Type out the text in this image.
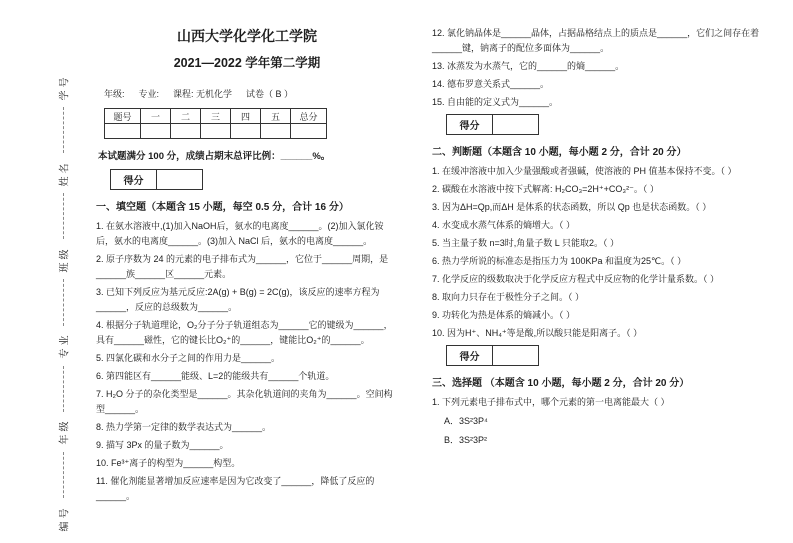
学号
姓名
班级
专业
年级
编号
山西大学化学化工学院
2021—2022 学年第二学期
年级: 专业: 课程: 无机化学 试卷（ B ）
题号	一	二	三	四	五	总分

本试题满分 100 分，成绩占期末总评比例：______%。
得分	
一、填空题（本题含 15 小题，每空 0.5 分，合计 16 分）
1. 在氨水溶液中,(1)加入NaOH后，氨水的电离度______。(2)加入氯化铵后，氨水的电离度______。(3)加入 NaCl 后，氨水的电离度______。
2. 原子序数为 24 的元素的电子排布式为______，它位于______周期，是______族______区______元素。
3. 已知下列反应为基元反应:2A(g) + B(g) = 2C(g)，该反应的速率方程为______，反应的总级数为______。
4. 根据分子轨道理论，O₂分子分子轨道组态为______它的键级为______，具有______磁性，它的键长比O₂⁺的______，键能比O₂⁺的______。
5. 四氯化碳和水分子之间的作用力是______。
6. 第四能区有______能级、L=2的能级共有______个轨道。
7. H₂O 分子的杂化类型是______。其杂化轨道间的夹角为______。空间构型______。
8. 热力学第一定律的数学表达式为______。
9. 描写 3Px 的量子数为______。
10. Fe³⁺离子的构型为______构型。
11. 催化剂能显著增加反应速率是因为它改变了______，降低了反应的______。
12. 氯化钠晶体是______晶体，占据晶格结点上的质点是______，它们之间存在着______键，钠离子的配位多面体为______。
13. 冰蒸发为水蒸气，它的______的熵______。
14. 德布罗意关系式______。
15. 自由能的定义式为______。
得分	
二、判断题（本题含 10 小题，每小题 2 分，合计 20 分）
1. 在缓冲溶液中加入少量强酸或者强碱，使溶液的 PH 值基本保持不变。（ ）
2. 碳酸在水溶液中按下式解离: H₂CO₃=2H⁺+CO₃²⁻。（ ）
3. 因为ΔH=Qp,而ΔH 是体系的状态函数，所以 Qp 也是状态函数。（ ）
4. 水变成水蒸气体系的熵增大。（ ）
5. 当主量子数 n=3时,角量子数 L 只能取2。（ ）
6. 热力学所说的标准态是指压力为 100KPa 和温度为25℃。（ ）
7. 化学反应的级数取决于化学反应方程式中反应物的化学计量系数。（ ）
8. 取向力只存在于极性分子之间。（ ）
9. 功转化为热是体系的熵减小。（ ）
10. 因为H⁺、NH₄⁺等是酸,所以酸只能是阳离子。（ ）
得分	
三、选择题 （本题含 10 小题，每小题 2 分，合计 20 分）
1. 下列元素电子排布式中，哪个元素的第一电离能最大（ ）
A．3S²3P⁴
B．3S²3P²
